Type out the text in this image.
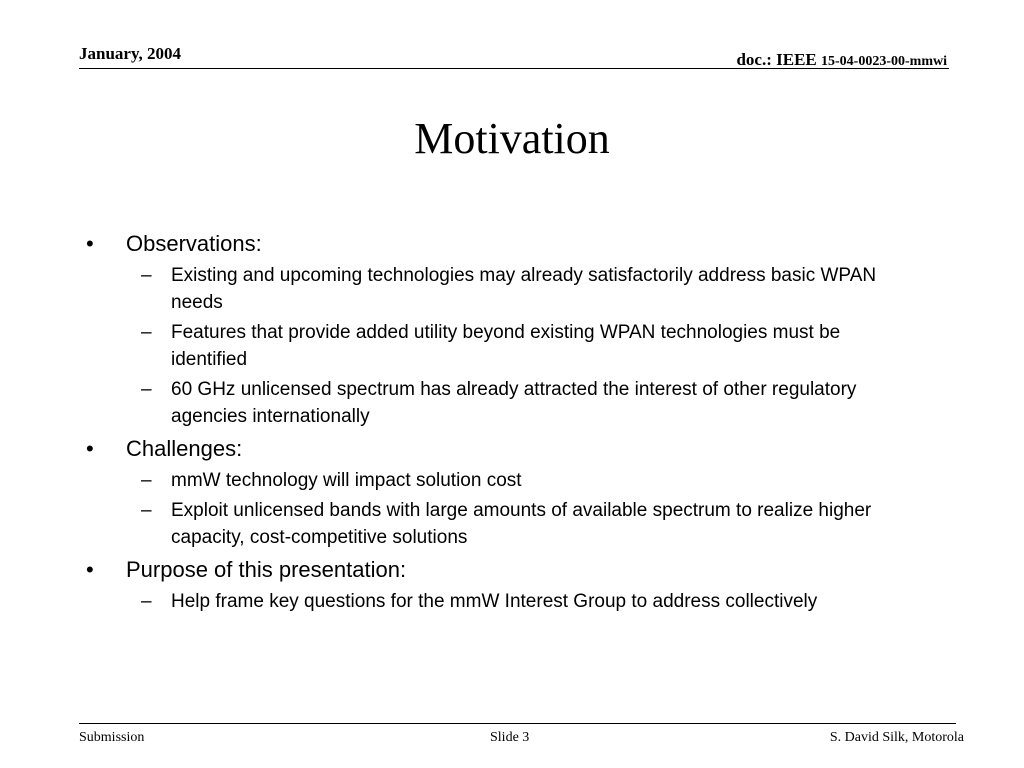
January, 2004	doc.: IEEE 15-04-0023-00-mmwi
Motivation
• Observations:
– Existing and upcoming technologies may already satisfactorily address basic WPAN needs
– Features that provide added utility beyond existing WPAN technologies must be identified
– 60 GHz unlicensed spectrum has already attracted the interest of other regulatory agencies internationally
• Challenges:
– mmW technology will impact solution cost
– Exploit unlicensed bands with large amounts of available spectrum to realize higher capacity, cost-competitive solutions
• Purpose of this presentation:
– Help frame key questions for the mmW Interest Group to address collectively
Submission	Slide 3	S. David Silk, Motorola
